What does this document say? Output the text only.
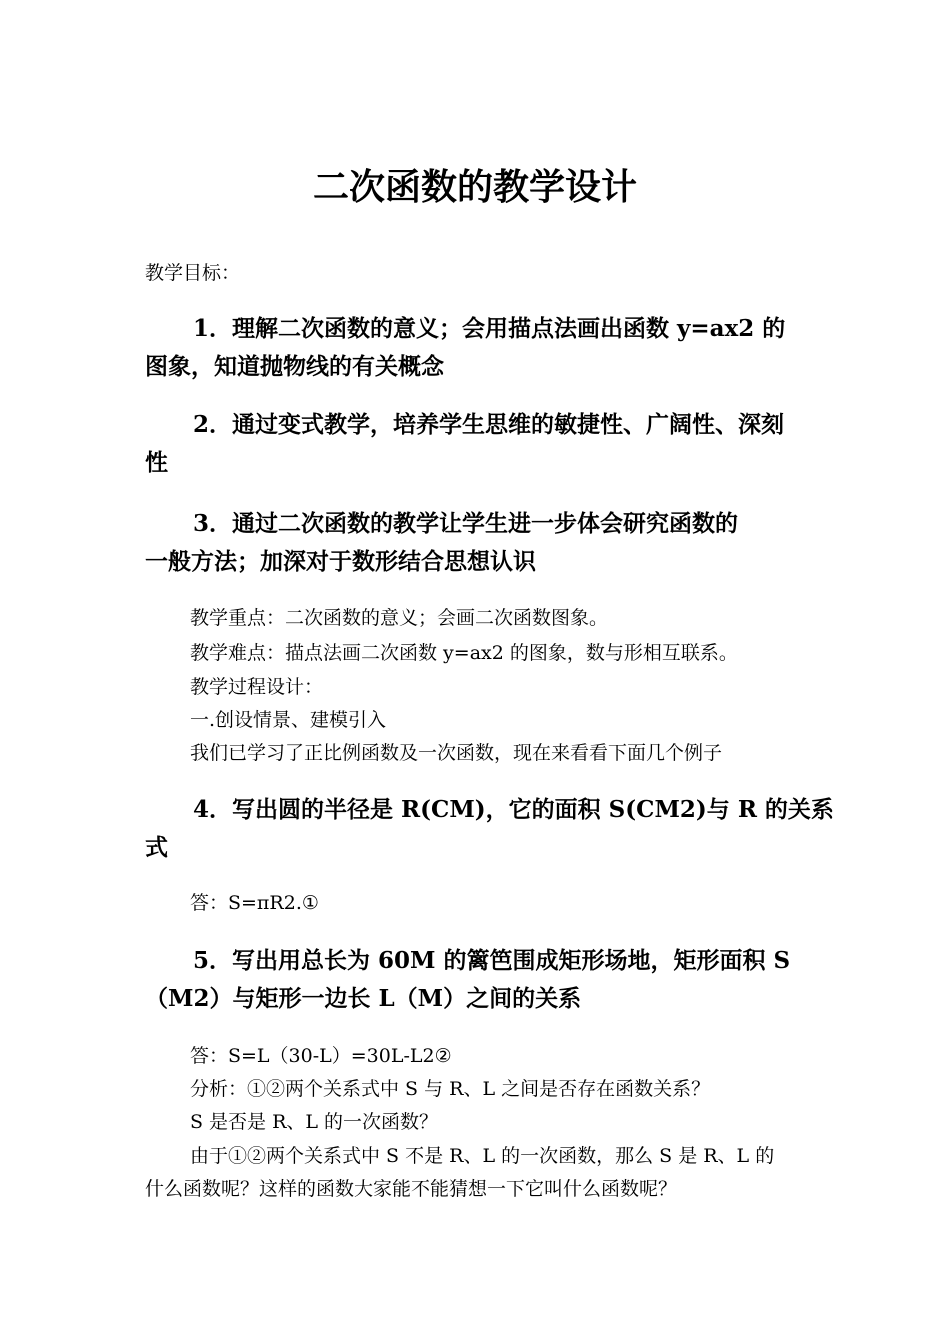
二次函数的教学设计
教学目标：
1．理解二次函数的意义；会用描点法画出函数 y=ax2 的
图象，知道抛物线的有关概念
2．通过变式教学，培养学生思维的敏捷性、广阔性、深刻
性
3．通过二次函数的教学让学生进一步体会研究函数的
一般方法；加深对于数形结合思想认识
教学重点：二次函数的意义；会画二次函数图象。
教学难点：描点法画二次函数 y=ax2 的图象，数与形相互联系。
教学过程设计：
一.创设情景、建模引入
我们已学习了正比例函数及一次函数，现在来看看下面几个例子
4．写出圆的半径是 R(CM)，它的面积 S(CM2)与 R 的关系
式
答：S=πR2.①
5．写出用总长为 60M 的篱笆围成矩形场地，矩形面积 S
（M2）与矩形一边长 L（M）之间的关系
答：S=L（30-L）=30L-L2②
分析：①②两个关系式中 S 与 R、L 之间是否存在函数关系？
S 是否是 R、L 的一次函数？
由于①②两个关系式中 S 不是 R、L 的一次函数，那么 S 是 R、L 的
什么函数呢？这样的函数大家能不能猜想一下它叫什么函数呢？
